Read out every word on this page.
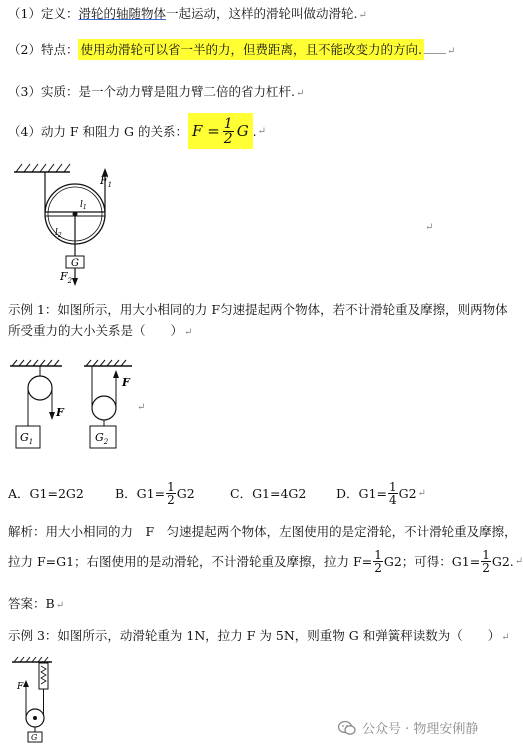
（1）定义：滑轮的轴随物体一起运动，这样的滑轮叫做动滑轮.↵
（2）特点： 使用动滑轮可以省一半的力，但费距离，且不能改变力的方向.	↵
（3）实质：是一个动力臂是阻力臂二倍的省力杠杆.↵
（4）动力 F 和阻力 G 的关系： $F = \frac{1}{2}$ G . ↵
$F_1$
$l_1$
$l_2$
G
$F_2$
↵
示例 1：如图所示，用大小相同的力 F匀速提起两个物体，若不计滑轮重及摩擦，则两物体
所受重力的大小关系是（　　）↵
$G_1$
F
$G_2$
F
↵
A．G1=2G2 B．$G1= \frac{1}{2} G2$	C．G1=4G2 D．$G1= \frac{1}{4} G2$ ↵
解析：用大小相同的力　F　匀速提起两个物体，左图使用的是定滑轮，不计滑轮重及摩擦，
拉力 F=G1；右图使用的是动滑轮，不计滑轮重及摩擦，拉力 $F= \frac{1}{2} G2$；可得：$G1= \frac{1}{2} G2$. ↵
答案：B↵
示例 3：如图所示，动滑轮重为 1N，拉力 F 为 5N，则重物 G 和弹簧秤读数为（　　）↵
F
G
公众号 · 物理安俐静
